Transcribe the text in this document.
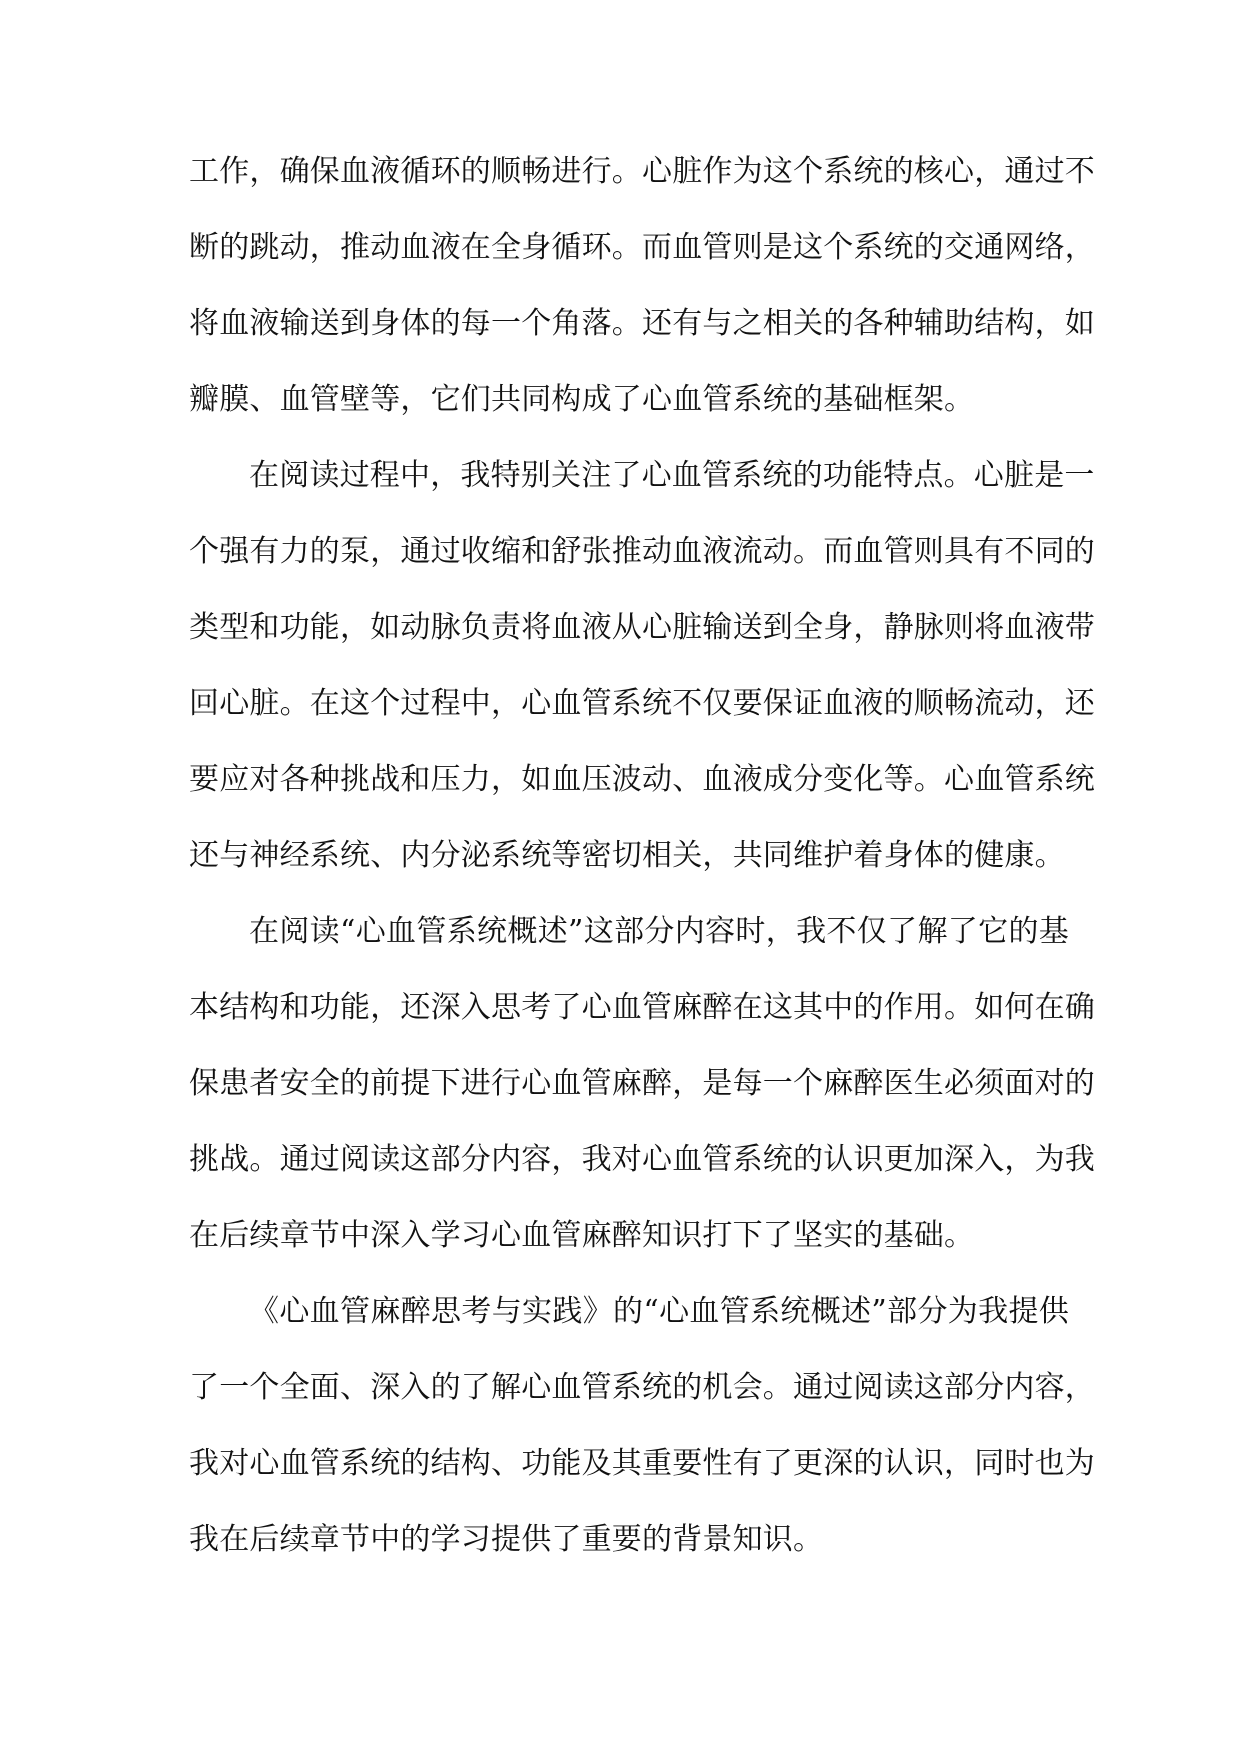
工作，确保血液循环的顺畅进行。心脏作为这个系统的核心，通过不
断的跳动，推动血液在全身循环。而血管则是这个系统的交通网络，
将血液输送到身体的每一个角落。还有与之相关的各种辅助结构，如
瓣膜、血管壁等，它们共同构成了心血管系统的基础框架。
在阅读过程中，我特别关注了心血管系统的功能特点。心脏是一
个强有力的泵，通过收缩和舒张推动血液流动。而血管则具有不同的
类型和功能，如动脉负责将血液从心脏输送到全身，静脉则将血液带
回心脏。在这个过程中，心血管系统不仅要保证血液的顺畅流动，还
要应对各种挑战和压力，如血压波动、血液成分变化等。心血管系统
还与神经系统、内分泌系统等密切相关，共同维护着身体的健康。
在阅读“心血管系统概述”这部分内容时，我不仅了解了它的基
本结构和功能，还深入思考了心血管麻醉在这其中的作用。如何在确
保患者安全的前提下进行心血管麻醉，是每一个麻醉医生必须面对的
挑战。通过阅读这部分内容，我对心血管系统的认识更加深入，为我
在后续章节中深入学习心血管麻醉知识打下了坚实的基础。
《心血管麻醉思考与实践》的“心血管系统概述”部分为我提供
了一个全面、深入的了解心血管系统的机会。通过阅读这部分内容，
我对心血管系统的结构、功能及其重要性有了更深的认识，同时也为
我在后续章节中的学习提供了重要的背景知识。
